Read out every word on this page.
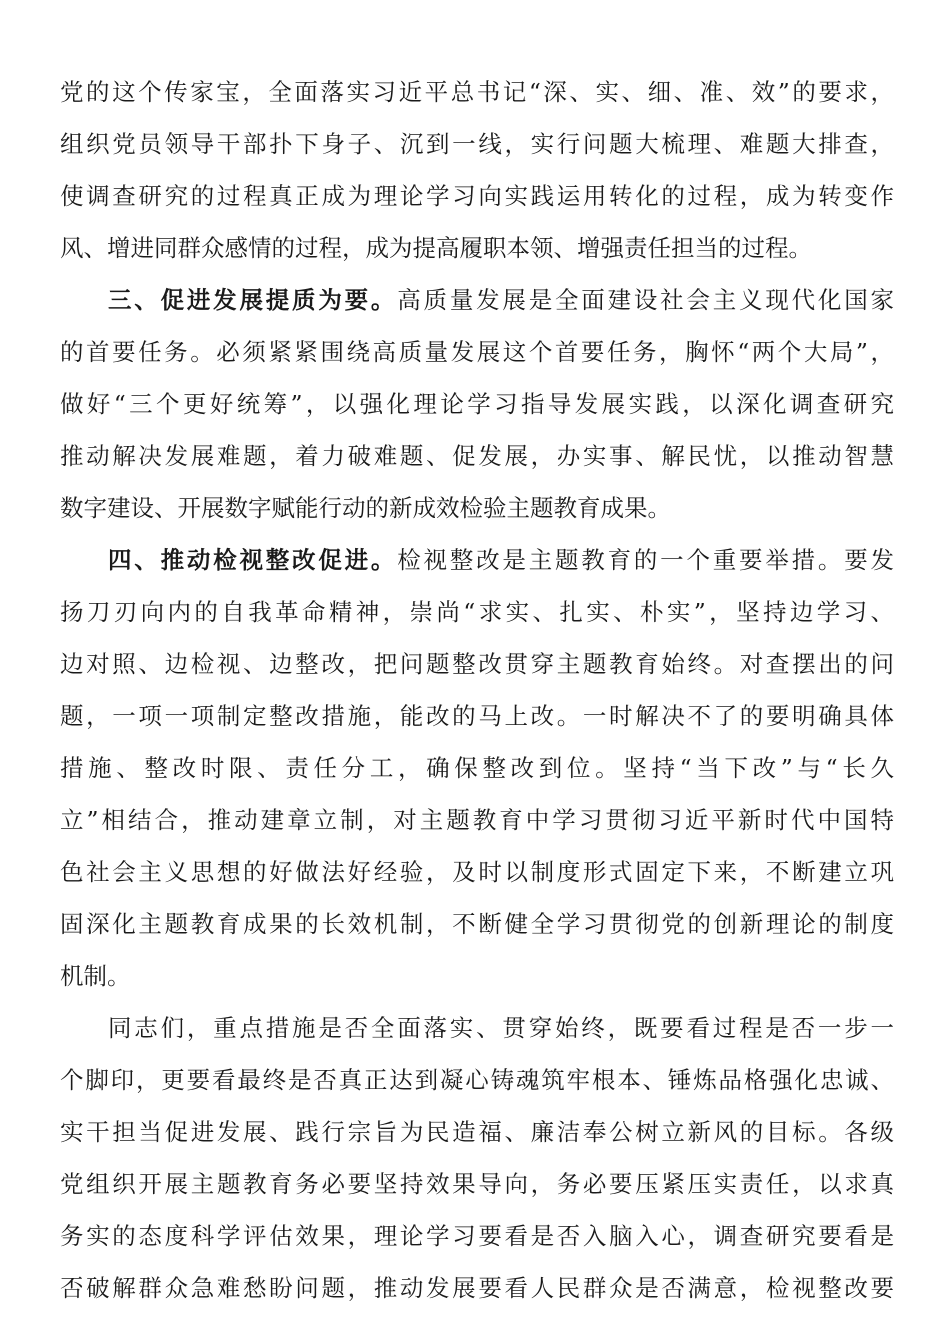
党的这个传家宝，全面落实习近平总书记“深、实、细、准、效”的要求，
组织党员领导干部扑下身子、沉到一线，实行问题大梳理、难题大排查，
使调查研究的过程真正成为理论学习向实践运用转化的过程，成为转变作
风、增进同群众感情的过程，成为提高履职本领、增强责任担当的过程。
三、促进发展提质为要。高质量发展是全面建设社会主义现代化国家
的首要任务。必须紧紧围绕高质量发展这个首要任务，胸怀“两个大局”，
做好“三个更好统筹”，以强化理论学习指导发展实践，以深化调查研究
推动解决发展难题，着力破难题、促发展，办实事、解民忧，以推动智慧
数字建设、开展数字赋能行动的新成效检验主题教育成果。
四、推动检视整改促进。检视整改是主题教育的一个重要举措。要发
扬刀刃向内的自我革命精神，崇尚“求实、扎实、朴实”，坚持边学习、
边对照、边检视、边整改，把问题整改贯穿主题教育始终。对查摆出的问
题，一项一项制定整改措施，能改的马上改。一时解决不了的要明确具体
措施、整改时限、责任分工，确保整改到位。坚持“当下改”与“长久
立”相结合，推动建章立制，对主题教育中学习贯彻习近平新时代中国特
色社会主义思想的好做法好经验，及时以制度形式固定下来，不断建立巩
固深化主题教育成果的长效机制，不断健全学习贯彻党的创新理论的制度
机制。
同志们，重点措施是否全面落实、贯穿始终，既要看过程是否一步一
个脚印，更要看最终是否真正达到凝心铸魂筑牢根本、锤炼品格强化忠诚、
实干担当促进发展、践行宗旨为民造福、廉洁奉公树立新风的目标。各级
党组织开展主题教育务必要坚持效果导向，务必要压紧压实责任，以求真
务实的态度科学评估效果，理论学习要看是否入脑入心，调查研究要看是
否破解群众急难愁盼问题，推动发展要看人民群众是否满意，检视整改要
